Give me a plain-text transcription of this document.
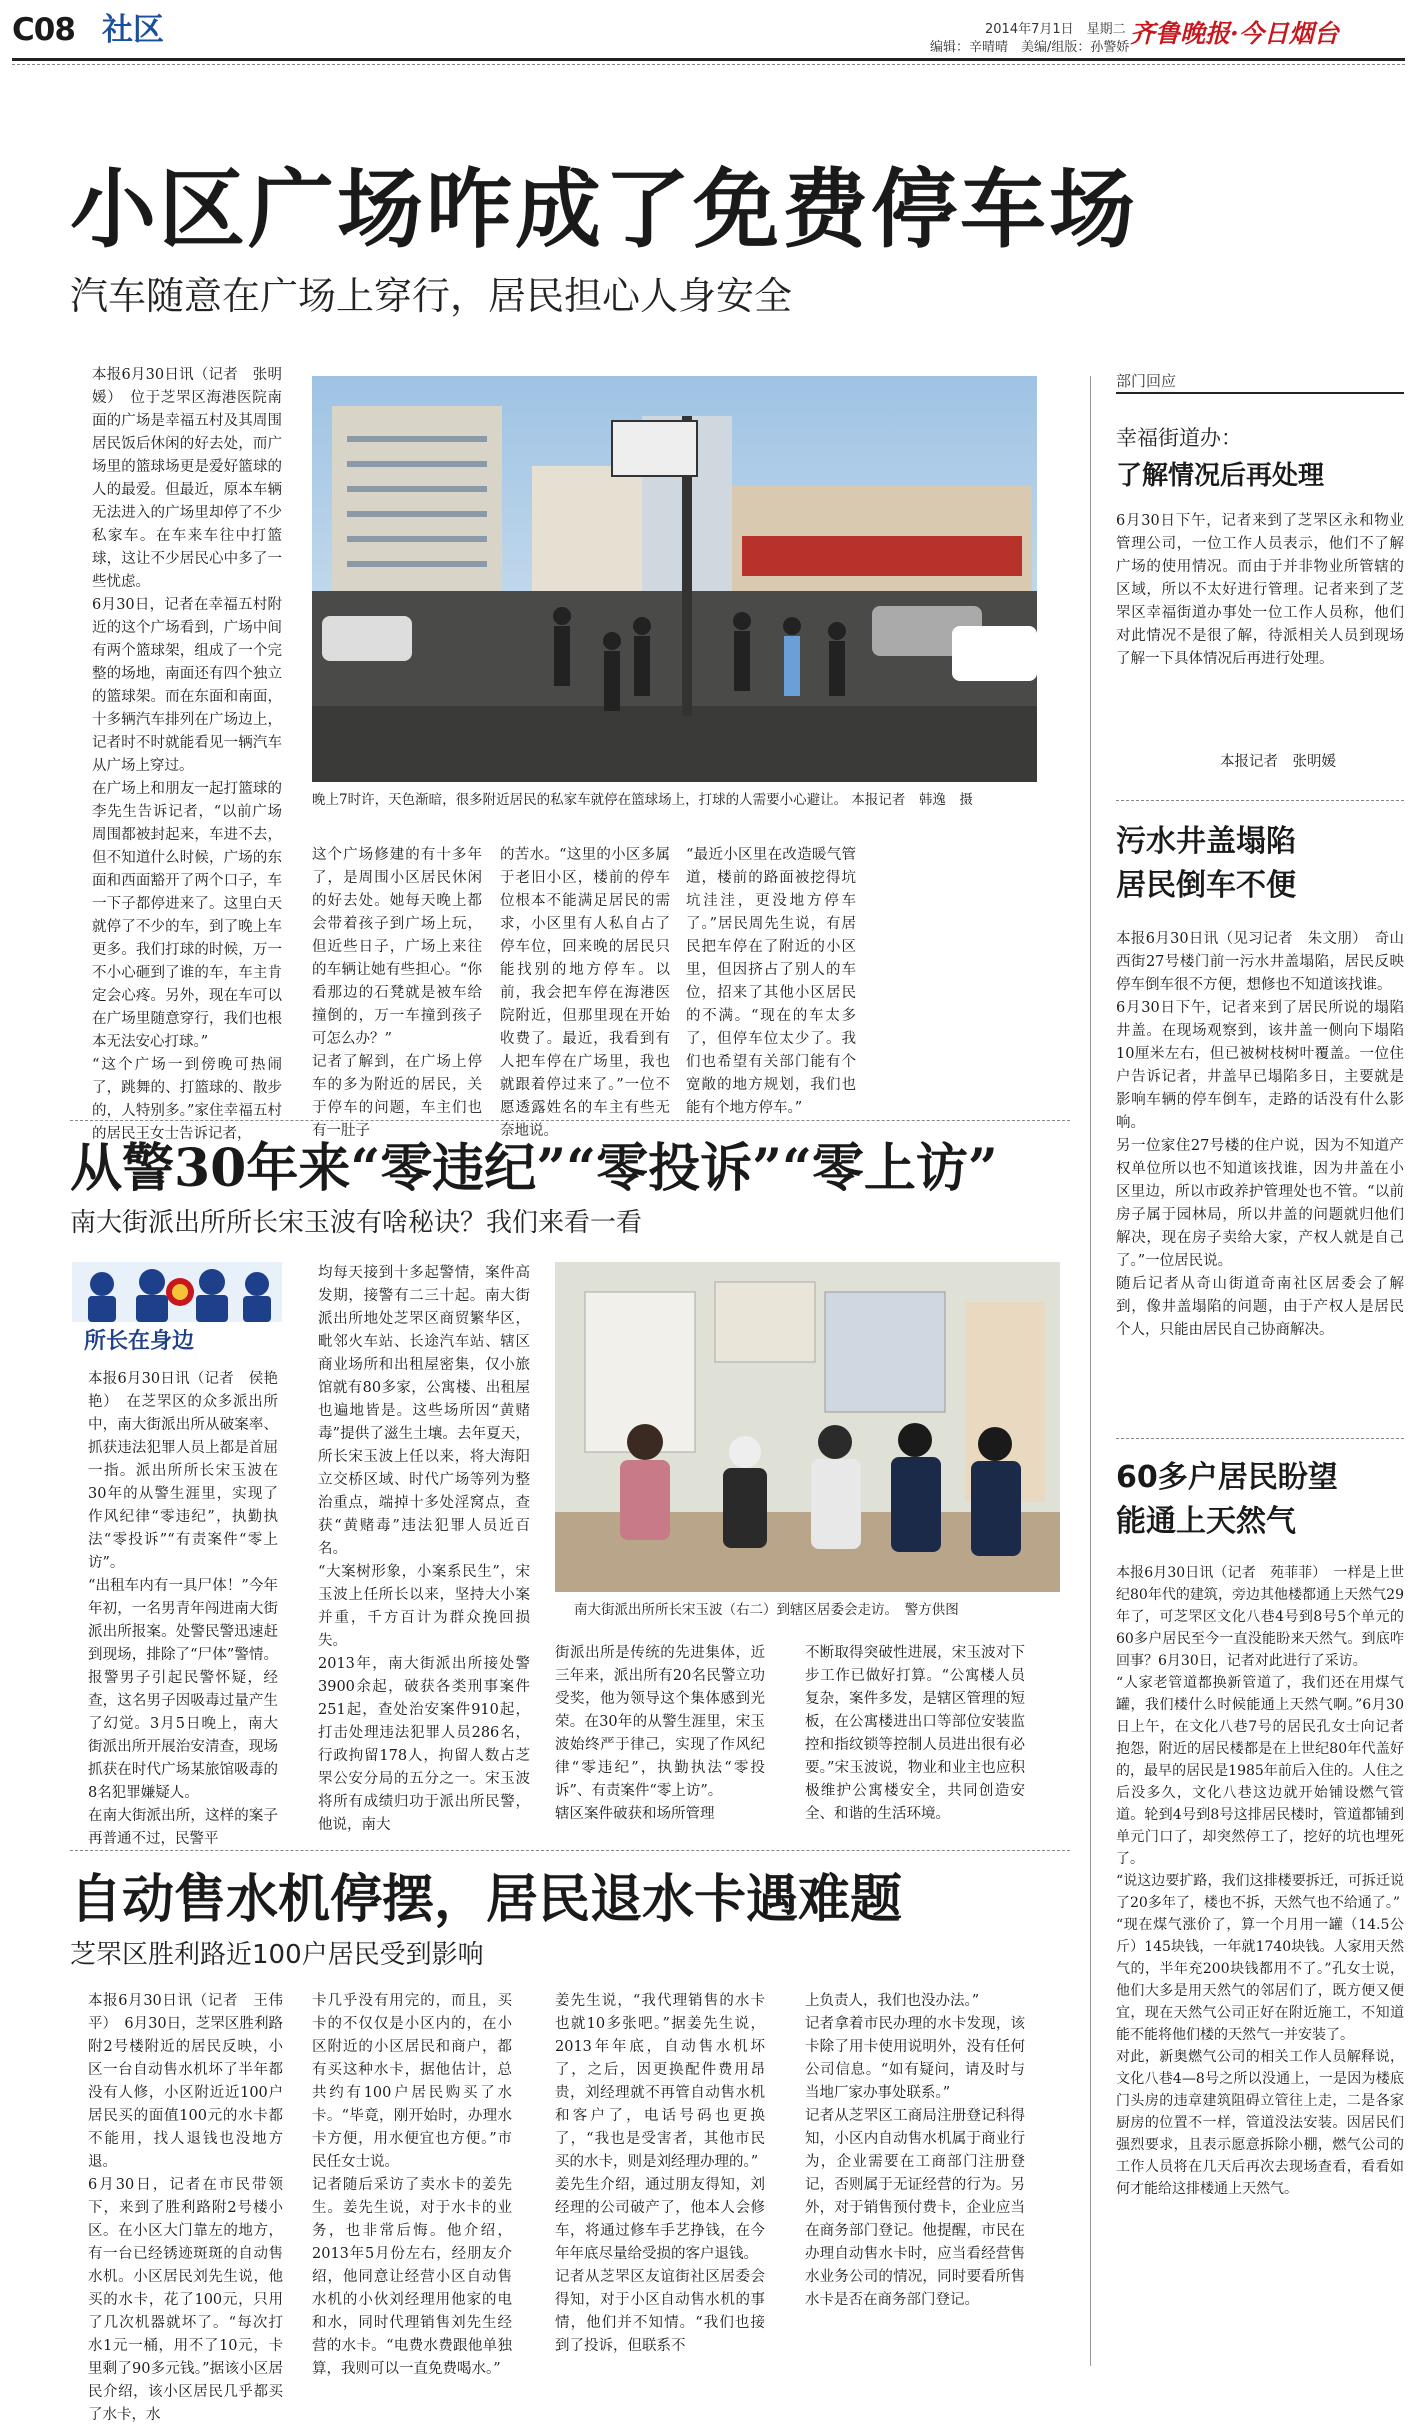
C08 社区	2014年7月1日　星期二
编辑：辛晴晴　美编/组版：孙警娇 齐鲁晚报·今日烟台
小区广场咋成了免费停车场
汽车随意在广场上穿行，居民担心人身安全
晚上7时许，天色渐暗，很多附近居民的私家车就停在篮球场上，打球的人需要小心避让。 本报记者　韩逸　摄
本报6月30日讯（记者　张明媛）　位于芝罘区海港医院南面的广场是幸福五村及其周围居民饭后休闲的好去处，而广场里的篮球场更是爱好篮球的人的最爱。但最近，原本车辆无法进入的广场里却停了不少私家车。在车来车往中打篮球，这让不少居民心中多了一些忧虑。
6月30日，记者在幸福五村附近的这个广场看到，广场中间有两个篮球架，组成了一个完整的场地，南面还有四个独立的篮球架。而在东面和南面，十多辆汽车排列在广场边上，记者时不时就能看见一辆汽车从广场上穿过。
在广场上和朋友一起打篮球的李先生告诉记者，“以前广场周围都被封起来，车进不去，但不知道什么时候，广场的东面和西面豁开了两个口子，车一下子都停进来了。这里白天就停了不少的车，到了晚上车更多。我们打球的时候，万一不小心砸到了谁的车，车主肯定会心疼。另外，现在车可以在广场里随意穿行，我们也根本无法安心打球。”
“这个广场一到傍晚可热闹了，跳舞的、打篮球的、散步的，人特别多。”家住幸福五村的居民王女士告诉记者，
这个广场修建的有十多年了，是周围小区居民休闲的好去处。她每天晚上都会带着孩子到广场上玩，但近些日子，广场上来往的车辆让她有些担心。“你看那边的石凳就是被车给撞倒的，万一车撞到孩子可怎么办？”
记者了解到，在广场上停车的多为附近的居民，关于停车的问题，车主们也有一肚子
的苦水。“这里的小区多属于老旧小区，楼前的停车位根本不能满足居民的需求，小区里有人私自占了停车位，回来晚的居民只能找别的地方停车。以前，我会把车停在海港医院附近，但那里现在开始收费了。最近，我看到有人把车停在广场里，我也就跟着停过来了。”一位不愿透露姓名的车主有些无奈地说。
“最近小区里在改造暖气管道，楼前的路面被挖得坑坑洼洼，更没地方停车了。”居民周先生说，有居民把车停在了附近的小区里，但因挤占了别人的车位，招来了其他小区居民的不满。“现在的车太多了，但停车位太少了。我们也希望有关部门能有个宽敞的地方规划，我们也能有个地方停车。”
部门回应
幸福街道办：
了解情况后再处理
6月30日下午，记者来到了芝罘区永和物业管理公司，一位工作人员表示，他们不了解广场的使用情况。而由于并非物业所管辖的区域，所以不太好进行管理。记者来到了芝罘区幸福街道办事处一位工作人员称，他们对此情况不是很了解，待派相关人员到现场了解一下具体情况后再进行处理。
本报记者　张明媛
污水井盖塌陷
居民倒车不便
本报6月30日讯（见习记者　朱文朋）　奇山西街27号楼门前一污水井盖塌陷，居民反映停车倒车很不方便，想修也不知道该找谁。
6月30日下午，记者来到了居民所说的塌陷井盖。在现场观察到，该井盖一侧向下塌陷10厘米左右，但已被树枝树叶覆盖。一位住户告诉记者，井盖早已塌陷多日，主要就是影响车辆的停车倒车，走路的话没有什么影响。
另一位家住27号楼的住户说，因为不知道产权单位所以也不知道该找谁，因为井盖在小区里边，所以市政养护管理处也不管。“以前房子属于园林局，所以井盖的问题就归他们解决，现在房子卖给大家，产权人就是自己了。”一位居民说。
随后记者从奇山街道奇南社区居委会了解到，像井盖塌陷的问题，由于产权人是居民个人，只能由居民自己协商解决。
60多户居民盼望
能通上天然气
本报6月30日讯（记者　苑菲菲）　一样是上世纪80年代的建筑，旁边其他楼都通上天然气29年了，可芝罘区文化八巷4号到8号5个单元的60多户居民至今一直没能盼来天然气。到底咋回事？6月30日，记者对此进行了采访。
“人家老管道都换新管道了，我们还在用煤气罐，我们楼什么时候能通上天然气啊。”6月30日上午，在文化八巷7号的居民孔女士向记者抱怨，附近的居民楼都是在上世纪80年代盖好的，最早的居民是1985年前后入住的。人住之后没多久，文化八巷这边就开始铺设燃气管道。轮到4号到8号这排居民楼时，管道都铺到单元门口了，却突然停工了，挖好的坑也埋死了。
“说这边要扩路，我们这排楼要拆迁，可拆迁说了20多年了，楼也不拆，天然气也不给通了。”
“现在煤气涨价了，算一个月用一罐（14.5公斤）145块钱，一年就1740块钱。人家用天然气的，半年充200块钱都用不了。”孔女士说，他们大多是用天然气的邻居们了，既方便又便宜，现在天然气公司正好在附近施工，不知道能不能将他们楼的天然气一并安装了。
对此，新奥燃气公司的相关工作人员解释说，文化八巷4—8号之所以没通上，一是因为楼底门头房的违章建筑阻碍立管往上走，二是各家厨房的位置不一样，管道没法安装。因居民们强烈要求，且表示愿意拆除小棚，燃气公司的工作人员将在几天后再次去现场查看，看看如何才能给这排楼通上天然气。
从警30年来“零违纪”“零投诉”“零上访”
南大街派出所所长宋玉波有啥秘诀？我们来看一看
所长在身边
南大街派出所所长宋玉波（右二）到辖区居委会走访。　警方供图
本报6月30日讯（记者　侯艳艳）　在芝罘区的众多派出所中，南大街派出所从破案率、抓获违法犯罪人员上都是首屈一指。派出所所长宋玉波在30年的从警生涯里，实现了作风纪律“零违纪”，执勤执法“零投诉”“有责案件“零上访”。
“出租车内有一具尸体！”今年年初，一名男青年闯进南大街派出所报案。处警民警迅速赶到现场，排除了“尸体”警情。报警男子引起民警怀疑，经查，这名男子因吸毒过量产生了幻觉。3月5日晚上，南大街派出所开展治安清查，现场抓获在时代广场某旅馆吸毒的8名犯罪嫌疑人。
在南大街派出所，这样的案子再普通不过，民警平
均每天接到十多起警情，案件高发期，接警有二三十起。南大街派出所地处芝罘区商贸繁华区，毗邻火车站、长途汽车站、辖区商业场所和出租屋密集，仅小旅馆就有80多家，公寓楼、出租屋也遍地皆是。这些场所因“黄赌毒”提供了滋生土壤。去年夏天，所长宋玉波上任以来，将大海阳立交桥区域、时代广场等列为整治重点，端掉十多处淫窝点，查获“黄赌毒”违法犯罪人员近百名。
“大案树形象，小案系民生”，宋玉波上任所长以来，坚持大小案并重，千方百计为群众挽回损失。
2013年，南大街派出所接处警3900余起，破获各类刑事案件251起，查处治安案件910起，打击处理违法犯罪人员286名，行政拘留178人，拘留人数占芝罘公安分局的五分之一。宋玉波将所有成绩归功于派出所民警，他说，南大
街派出所是传统的先进集体，近三年来，派出所有20名民警立功受奖，他为领导这个集体感到光荣。在30年的从警生涯里，宋玉波始终严于律己，实现了作风纪律“零违纪”，执勤执法“零投诉”、有责案件“零上访”。
辖区案件破获和场所管理
不断取得突破性进展，宋玉波对下步工作已做好打算。“公寓楼人员复杂，案件多发，是辖区管理的短板，在公寓楼进出口等部位安装监控和指纹锁等控制人员进出很有必要。”宋玉波说，物业和业主也应积极维护公寓楼安全，共同创造安全、和谐的生活环境。
自动售水机停摆，居民退水卡遇难题
芝罘区胜利路近100户居民受到影响
本报6月30日讯（记者　王伟平）　6月30日，芝罘区胜利路附2号楼附近的居民反映，小区一台自动售水机坏了半年都没有人修，小区附近近100户居民买的面值100元的水卡都不能用，找人退钱也没地方退。
6月30日，记者在市民带领下，来到了胜利路附2号楼小区。在小区大门靠左的地方，有一台已经锈迹斑斑的自动售水机。小区居民刘先生说，他买的水卡，花了100元，只用了几次机器就坏了。“每次打水1元一桶，用不了10元，卡里剩了90多元钱。”据该小区居民介绍，该小区居民几乎都买了水卡，水
卡几乎没有用完的，而且，买卡的不仅仅是小区内的，在小区附近的小区居民和商户，都有买这种水卡，据他估计，总共约有100户居民购买了水卡。“毕竟，刚开始时，办理水卡方便，用水便宜也方便。”市民任女士说。
记者随后采访了卖水卡的姜先生。姜先生说，对于水卡的业务，也非常后悔。他介绍，2013年5月份左右，经朋友介绍，他同意让经营小区自动售水机的小伙刘经理用他家的电和水，同时代理销售刘先生经营的水卡。“电费水费跟他单独算，我则可以一直免费喝水。”
姜先生说，“我代理销售的水卡也就10多张吧。”据姜先生说，2013年年底，自动售水机坏了，之后，因更换配件费用昂贵，刘经理就不再管自动售水机和客户了，电话号码也更换了，“我也是受害者，其他市民买的水卡，则是刘经理办理的。”
姜先生介绍，通过朋友得知，刘经理的公司破产了，他本人会修车，将通过修车手艺挣钱，在今年年底尽量给受损的客户退钱。
记者从芝罘区友谊街社区居委会得知，对于小区自动售水机的事情，他们并不知情。“我们也接到了投诉，但联系不
上负责人，我们也没办法。”
记者拿着市民办理的水卡发现，该卡除了用卡使用说明外，没有任何公司信息。“如有疑问，请及时与当地厂家办事处联系。”
记者从芝罘区工商局注册登记科得知，小区内自动售水机属于商业行为，企业需要在工商部门注册登记，否则属于无证经营的行为。另外，对于销售预付费卡，企业应当在商务部门登记。他提醒，市民在办理自动售水卡时，应当看经营售水业务公司的情况，同时要看所售水卡是否在商务部门登记。
